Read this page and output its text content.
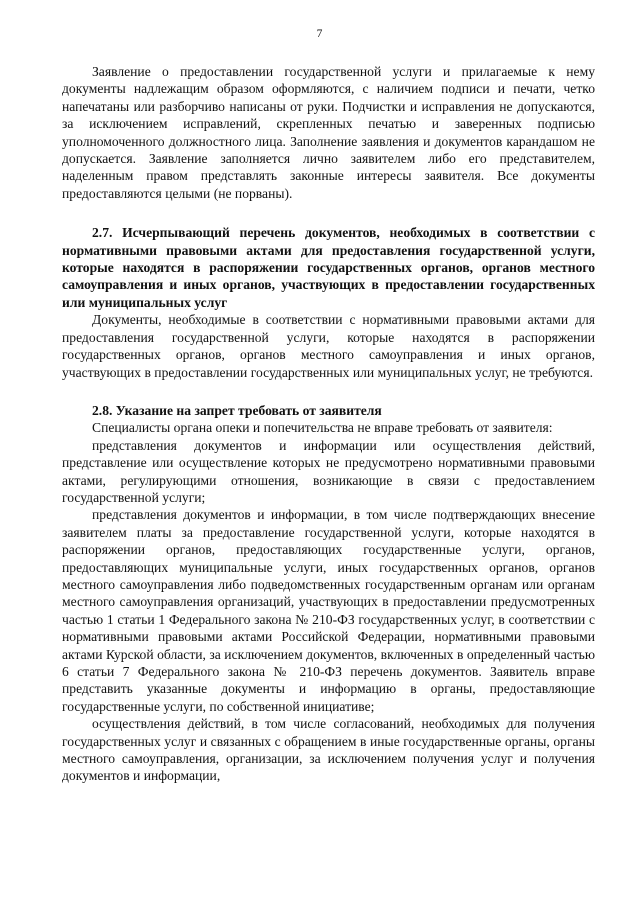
7

Заявление о предоставлении государственной услуги и прилагаемые к нему документы надлежащим образом оформляются, с наличием подписи и печати, четко напечатаны или разборчиво написаны от руки. Подчистки и исправления не допускаются, за исключением исправлений, скрепленных печатью и заверенных подписью уполномоченного должностного лица. Заполнение заявления и документов карандашом не допускается. Заявление заполняется лично заявителем либо его представителем, наделенным правом представлять законные интересы заявителя. Все документы предоставляются целыми (не порваны).

2.7. Исчерпывающий перечень документов, необходимых в соответствии с нормативными правовыми актами для предоставления государственной услуги, которые находятся в распоряжении государственных органов, органов местного самоуправления и иных органов, участвующих в предоставлении государственных или муниципальных услуг

Документы, необходимые в соответствии с нормативными правовыми актами для предоставления государственной услуги, которые находятся в распоряжении государственных органов, органов местного самоуправления и иных органов, участвующих в предоставлении государственных или муниципальных услуг, не требуются.

2.8. Указание на запрет требовать от заявителя

Специалисты органа опеки и попечительства не вправе требовать от заявителя:

представления документов и информации или осуществления действий, представление или осуществление которых не предусмотрено нормативными правовыми актами, регулирующими отношения, возникающие в связи с предоставлением государственной услуги;

представления документов и информации, в том числе подтверждающих внесение заявителем платы за предоставление государственной услуги, которые находятся в распоряжении органов, предоставляющих государственные услуги, органов, предоставляющих муниципальные услуги, иных государственных органов, органов местного самоуправления либо подведомственных государственным органам или органам местного самоуправления организаций, участвующих в предоставлении предусмотренных частью 1 статьи 1 Федерального закона № 210-ФЗ государственных услуг, в соответствии с нормативными правовыми актами Российской Федерации, нормативными правовыми актами Курской области, за исключением документов, включенных в определенный частью 6 статьи 7 Федерального закона № 210-ФЗ перечень документов. Заявитель вправе представить указанные документы и информацию в органы, предоставляющие государственные услуги, по собственной инициативе;

осуществления действий, в том числе согласований, необходимых для получения государственных услуг и связанных с обращением в иные государственные органы, органы местного самоуправления, организации, за исключением получения услуг и получения документов и информации,
